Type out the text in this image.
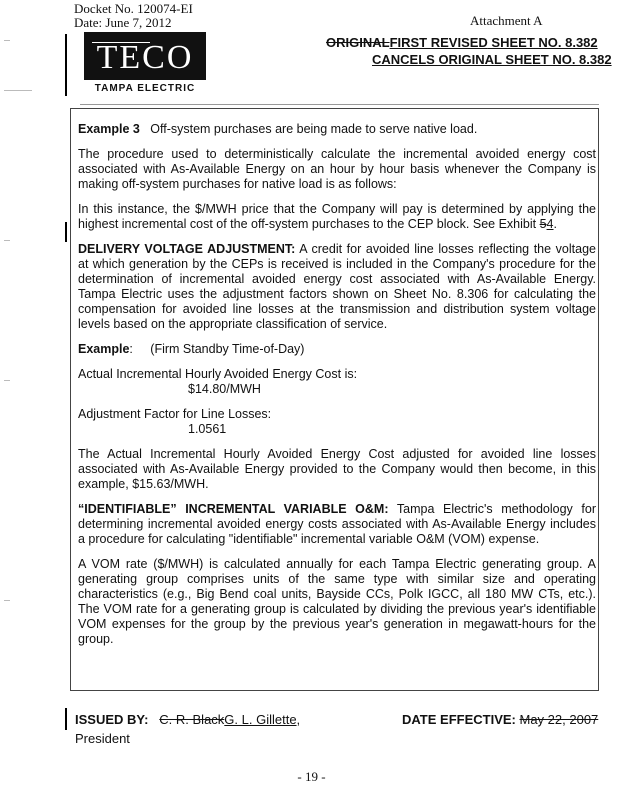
Docket No. 120074-EI
Date: June 7, 2012	Attachment A
TECO
TAMPA ELECTRIC
ORIGINALFIRST REVISED SHEET NO. 8.382
CANCELS ORIGINAL SHEET NO. 8.382

Example 3 Off-system purchases are being made to serve native load.

The procedure used to deterministically calculate the incremental avoided energy cost associated with As-Available Energy on an hour by hour basis whenever the Company is making off-system purchases for native load is as follows:

In this instance, the $/MWH price that the Company will pay is determined by applying the highest incremental cost of the off-system purchases to the CEP block. See Exhibit 54.

DELIVERY VOLTAGE ADJUSTMENT: A credit for avoided line losses reflecting the voltage at which generation by the CEPs is received is included in the Company's procedure for the determination of incremental avoided energy cost associated with As-Available Energy. Tampa Electric uses the adjustment factors shown on Sheet No. 8.306 for calculating the compensation for avoided line losses at the transmission and distribution system voltage levels based on the appropriate classification of service.

Example: (Firm Standby Time-of-Day)

Actual Incremental Hourly Avoided Energy Cost is:
$14.80/MWH

Adjustment Factor for Line Losses:
1.0561

The Actual Incremental Hourly Avoided Energy Cost adjusted for avoided line losses associated with As-Available Energy provided to the Company would then become, in this example, $15.63/MWH.

“IDENTIFIABLE” INCREMENTAL VARIABLE O&M: Tampa Electric's methodology for determining incremental avoided energy costs associated with As-Available Energy includes a procedure for calculating "identifiable" incremental variable O&M (VOM) expense.

A VOM rate ($/MWH) is calculated annually for each Tampa Electric generating group. A generating group comprises units of the same type with similar size and operating characteristics (e.g., Big Bend coal units, Bayside CCs, Polk IGCC, all 180 MW CTs, etc.). The VOM rate for a generating group is calculated by dividing the previous year's identifiable VOM expenses for the group by the previous year's generation in megawatt-hours for the group.

ISSUED BY: C. R. BlackG. L. Gillette,
President
DATE EFFECTIVE: May 22, 2007
- 19 -
